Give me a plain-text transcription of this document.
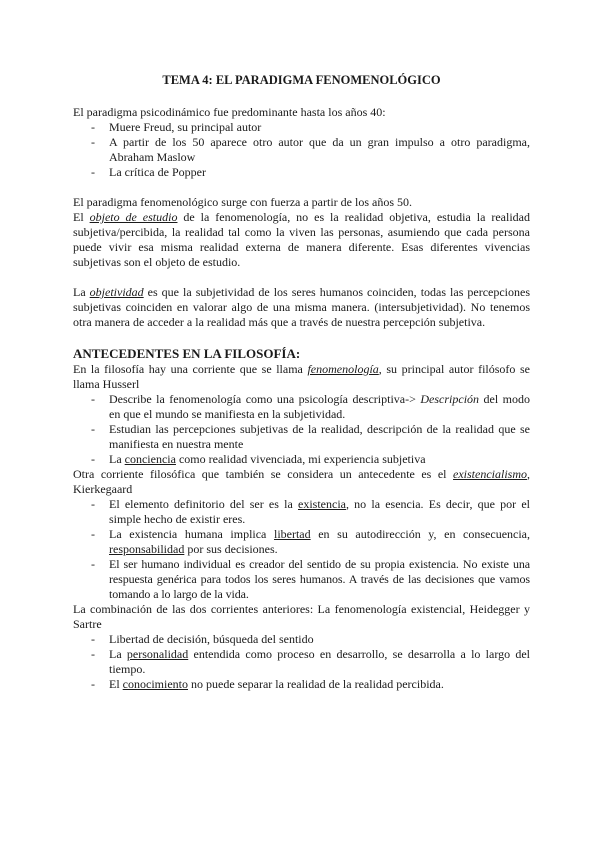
TEMA 4: EL PARADIGMA FENOMENOLÓGICO

El paradigma psicodinámico fue predominante hasta los años 40:

- Muere Freud, su principal autor
- A partir de los 50 aparece otro autor que da un gran impulso a otro paradigma, Abraham Maslow
- La crítica de Popper

El paradigma fenomenológico surge con fuerza a partir de los años 50.

El objeto de estudio de la fenomenología, no es la realidad objetiva, estudia la realidad subjetiva/percibida, la realidad tal como la viven las personas, asumiendo que cada persona puede vivir esa misma realidad externa de manera diferente. Esas diferentes vivencias subjetivas son el objeto de estudio.

La objetividad es que la subjetividad de los seres humanos coinciden, todas las percepciones subjetivas coinciden en valorar algo de una misma manera. (intersubjetividad). No tenemos otra manera de acceder a la realidad más que a través de nuestra percepción subjetiva.

ANTECEDENTES EN LA FILOSOFÍA:

En la filosofía hay una corriente que se llama fenomenología, su principal autor filósofo se llama Husserl

- Describe la fenomenología como una psicología descriptiva-> Descripción del modo en que el mundo se manifiesta en la subjetividad.
- Estudian las percepciones subjetivas de la realidad, descripción de la realidad que se manifiesta en nuestra mente
- La conciencia como realidad vivenciada, mi experiencia subjetiva

Otra corriente filosófica que también se considera un antecedente es el existencialismo, Kierkegaard

- El elemento definitorio del ser es la existencia, no la esencia. Es decir, que por el simple hecho de existir eres.
- La existencia humana implica libertad en su autodirección y, en consecuencia, responsabilidad por sus decisiones.
- El ser humano individual es creador del sentido de su propia existencia. No existe una respuesta genérica para todos los seres humanos. A través de las decisiones que vamos tomando a lo largo de la vida.

La combinación de las dos corrientes anteriores: La fenomenología existencial, Heidegger y Sartre

- Libertad de decisión, búsqueda del sentido
- La personalidad entendida como proceso en desarrollo, se desarrolla a lo largo del tiempo.
- El conocimiento no puede separar la realidad de la realidad percibida.
